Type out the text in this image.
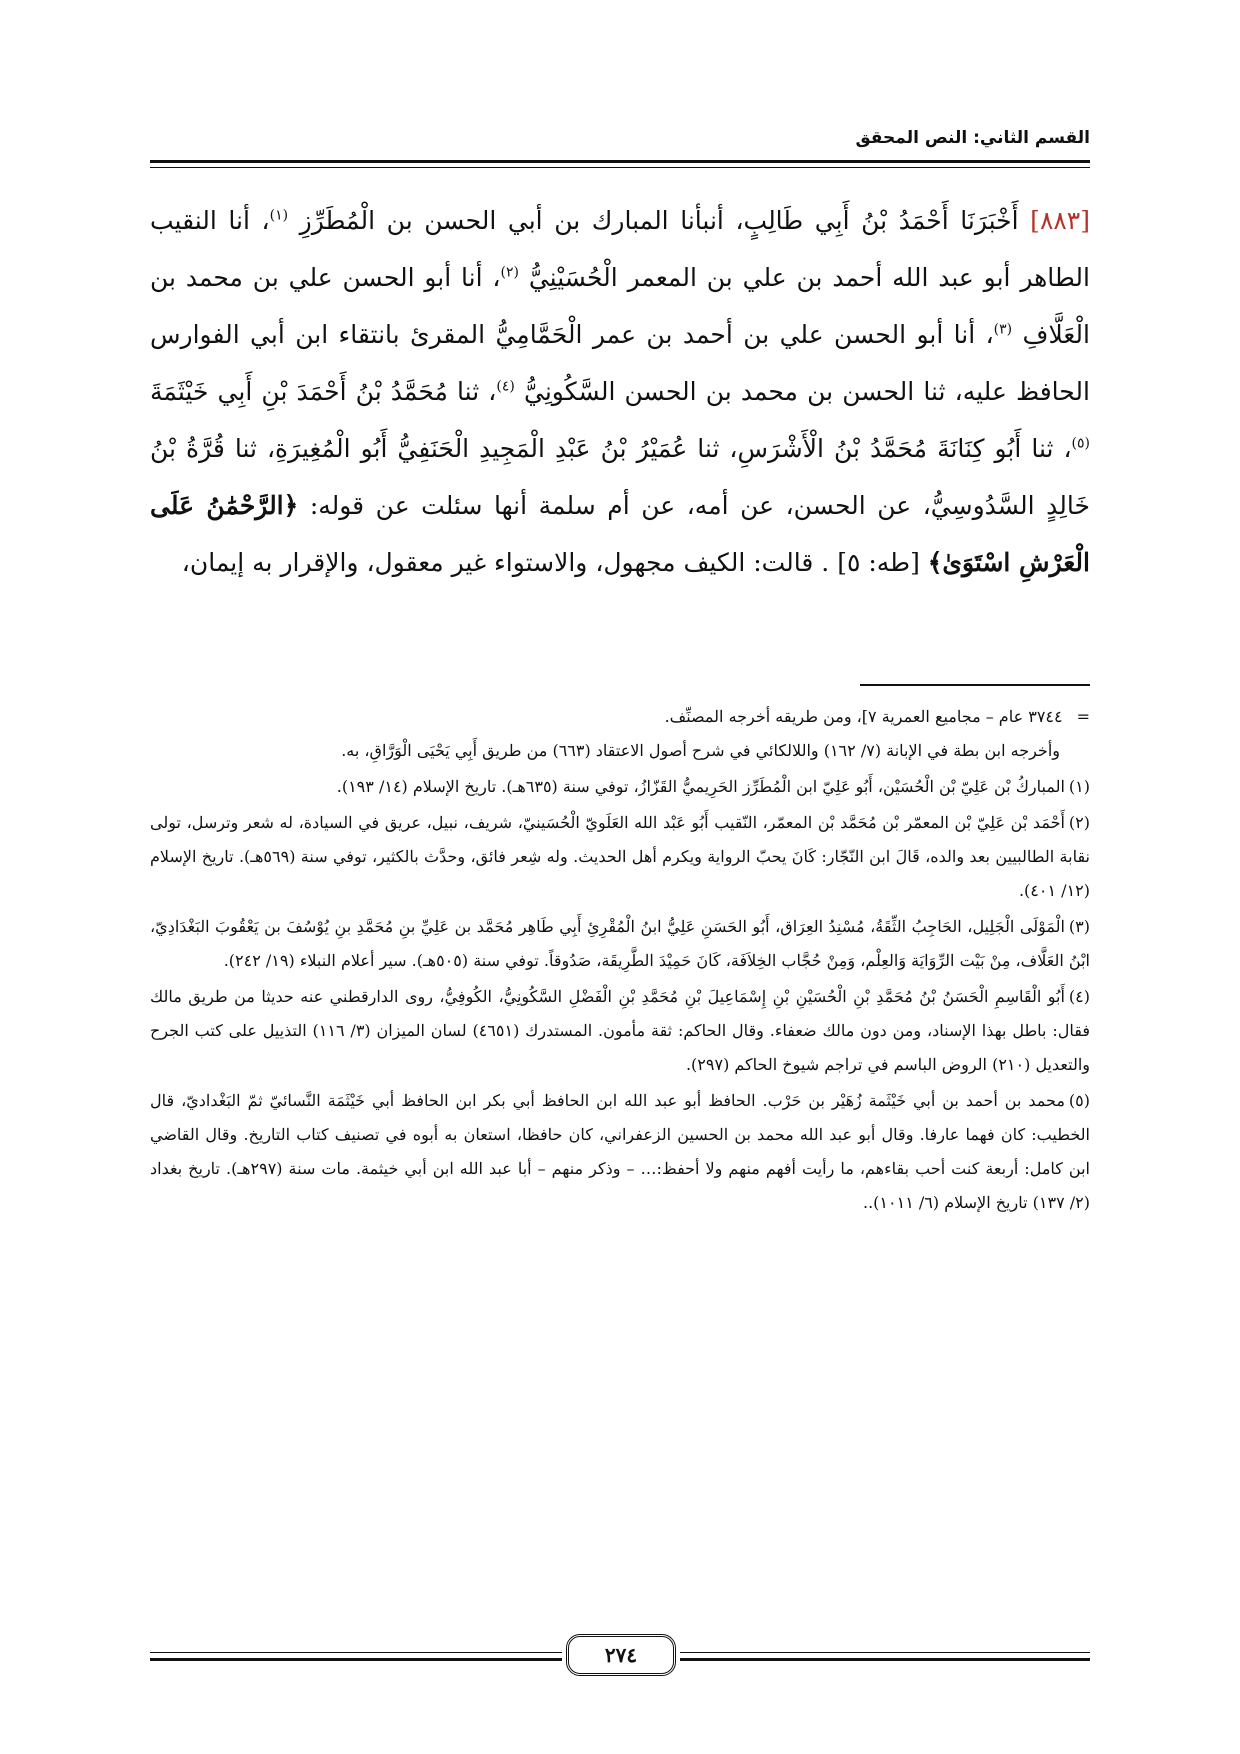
القسم الثاني: النص المحقق

[٨٨٣] أَخْبَرَنَا أَحْمَدُ بْنُ أَبِي طَالِبٍ، أنبأنا المبارك بن أبي الحسن بن الْمُطَرِّزِ $^{(١)}$، أنا النقيب الطاهر أبو عبد الله أحمد بن علي بن المعمر الْحُسَيْنِيُّ $^{(٢)}$، أنا أبو الحسن علي بن محمد بن الْعَلَّافِ $^{(٣)}$، أنا أبو الحسن علي بن أحمد بن عمر الْحَمَّامِيُّ المقرئ بانتقاء ابن أبي الفوارس الحافظ عليه، ثنا الحسن بن محمد بن الحسن السَّكُونِيُّ $^{(٤)}$، ثنا مُحَمَّدُ بْنُ أَحْمَدَ بْنِ أَبِي خَيْثَمَةَ $^{(٥)}$، ثنا أَبُو كِنَانَةَ مُحَمَّدُ بْنُ الْأَشْرَسِ، ثنا عُمَيْرُ بْنُ عَبْدِ الْمَجِيدِ الْحَنَفِيُّ أَبُو الْمُغِيرَةِ، ثنا قُرَّةُ بْنُ خَالِدٍ السَّدُوسِيُّ، عن الحسن، عن أمه، عن أم سلمة أنها سئلت عن قوله: ﴿الرَّحْمَٰنُ عَلَى الْعَرْشِ اسْتَوَىٰ﴾ [طه: ٥] . قالت: الكيف مجهول، والاستواء غير معقول، والإقرار به إيمان،

=٣٧٤٤ عام – مجاميع العمرية ٧]، ومن طريقه أخرجه المصنِّف.
وأخرجه ابن بطة في الإبانة (٧/ ١٦٢) واللالكائي في شرح أصول الاعتقاد (٦٦٣) من طريق أَبِي يَحْيَى الْوَرَّاقِ، به.
(١)المباركُ بْن عَلِيّ بْن الْحُسَيْن، أَبُو عَلِيّ ابن الْمُطَرِّز الحَرِيميُّ القَزّازُ، توفي سنة (٦٣٥هـ). تاريخ الإسلام (١٤/ ١٩٣).
(٢)أَحْمَد بْن عَلِيّ بْن المعمّر بْن مُحَمَّد بْن المعمّر، النّقيب أَبُو عَبْد الله العَلَويّ الْحُسَينيّ، شريف، نبيل، عريق في السيادة، له شعر وترسل، تولى نقابة الطالبيين بعد والده، قَالَ ابن النّجّار: كَانَ يحبّ الرواية ويكرم أهل الحديث. وله شِعر فائق، وحدَّث بالكثير، توفي سنة (٥٦٩هـ). تاريخ الإسلام (١٢/ ٤٠١).
(٣)الْمَوْلَى الْجَلِيل، الحَاجِبُ الثِّقَةُ، مُسْنِدُ العِرَاق، أَبُو الحَسَنِ عَلِيُّ ابنُ الْمُقْرِئِ أَبِي طَاهِر مُحَمَّد بن عَلِيِّ بنِ مُحَمَّدِ بنِ يُوْسُفَ بن يَعْقُوبَ البَغْدَادِيّ، ابْنُ العَلَّاف، مِنْ بَيْت الرِّوَايَة وَالعِلْم، وَمِنْ حُجَّاب الخِلاَفَة، كَانَ حَمِيْدَ الطَّرِيقَة، صَدُوقاً. توفي سنة (٥٠٥هـ). سير أعلام النبلاء (١٩/ ٢٤٢).
(٤)أَبُو الْقَاسِمِ الْحَسَنُ بْنُ مُحَمَّدِ بْنِ الْحُسَيْنِ بْنِ إِسْمَاعِيلَ بْنِ مُحَمَّدِ بْنِ الْفَضْلِ السَّكُونِيُّ، الكُوفِيُّ، روى الدارقطني عنه حديثا من طريق مالك فقال: باطل بهذا الإسناد، ومن دون مالك ضعفاء. وقال الحاكم: ثقة مأمون. المستدرك (٤٦٥١) لسان الميزان (٣/ ١١٦) التذييل على كتب الجرح والتعديل (٢١٠) الروض الباسم في تراجم شيوخ الحاكم (٢٩٧).
(٥)محمد بن أحمد بن أبي خَيْثَمة زُهَيْر بن حَرْب. الحافظ أبو عبد الله ابن الحافظ أبي بكر ابن الحافظ أبي خَيْثَمَة النَّسائيّ ثمّ البَغْداديّ، قال الخطيب: كان فهما عارفا. وقال أبو عبد الله محمد بن الحسين الزعفراني، كان حافظا، استعان به أبوه في تصنيف كتاب التاريخ. وقال القاضي ابن كامل: أربعة كنت أحب بقاءهم، ما رأيت أفهم منهم ولا أحفظ:… – وذكر منهم – أبا عبد الله ابن أبي خيثمة. مات سنة (٢٩٧هـ). تاريخ بغداد (٢/ ١٣٧) تاريخ الإسلام (٦/ ١٠١١)..
٢٧٤
